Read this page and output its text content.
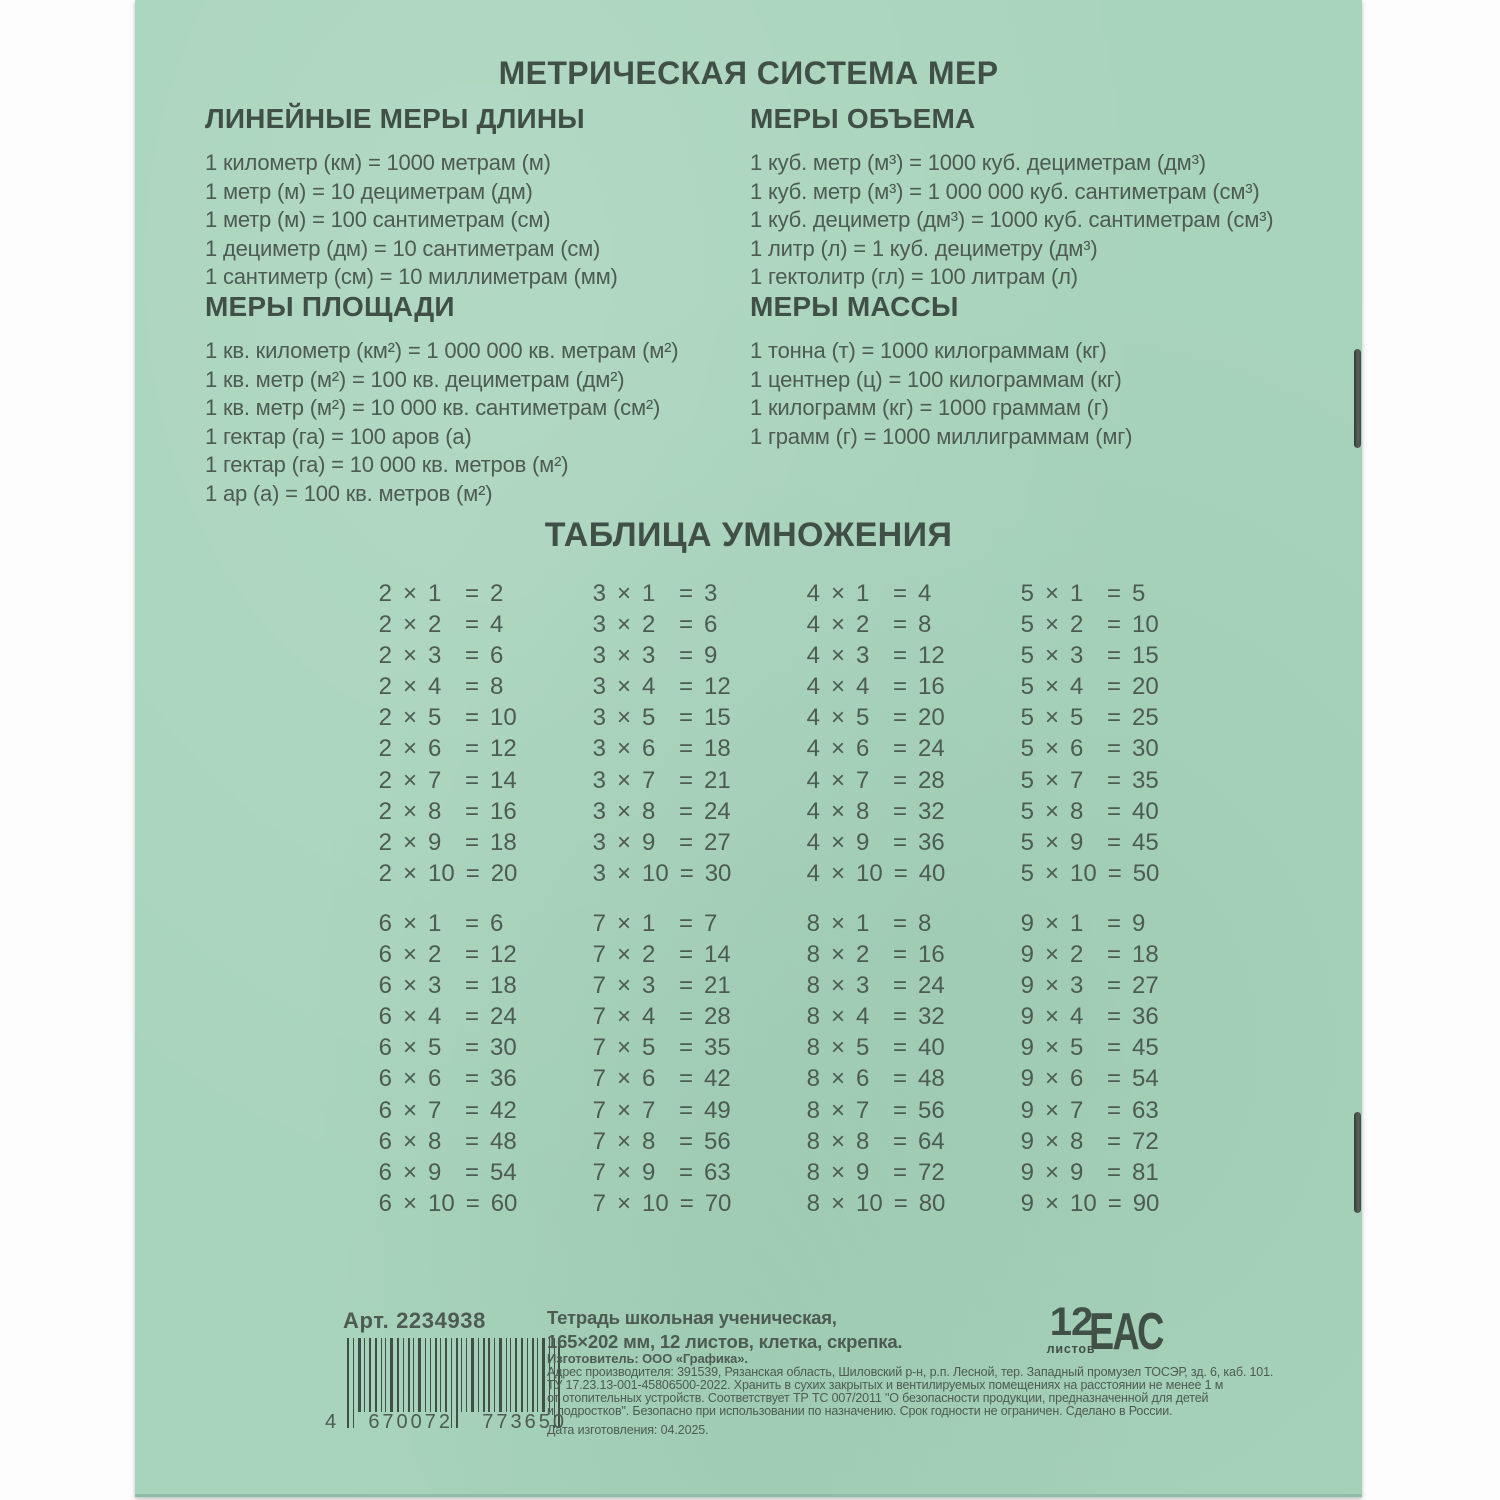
МЕТРИЧЕСКАЯ СИСТЕМА МЕР
ЛИНЕЙНЫЕ МЕРЫ ДЛИНЫ
1 километр (км) = 1000 метрам (м)
1 метр (м) = 10 дециметрам (дм)
1 метр (м) = 100 сантиметрам (см)
1 дециметр (дм) = 10 сантиметрам (см)
1 сантиметр (см) = 10 миллиметрам (мм)
МЕРЫ ОБЪЕМА
1 куб. метр (м³) = 1000 куб. дециметрам (дм³)
1 куб. метр (м³) = 1 000 000 куб. сантиметрам (см³)
1 куб. дециметр (дм³) = 1000 куб. сантиметрам (см³)
1 литр (л) = 1 куб. дециметру (дм³)
1 гектолитр (гл) = 100 литрам (л)
МЕРЫ ПЛОЩАДИ
1 кв. километр (км²) = 1 000 000 кв. метрам (м²)
1 кв. метр (м²) = 100 кв. дециметрам (дм²)
1 кв. метр (м²) = 10 000 кв. сантиметрам (см²)
1 гектар (га) = 100 аров (а)
1 гектар (га) = 10 000 кв. метров (м²)
1 ар (а) = 100 кв. метров (м²)
МЕРЫ МАССЫ
1 тонна (т) = 1000 килограммам (кг)
1 центнер (ц) = 100 килограммам (кг)
1 килограмм (кг) = 1000 граммам (г)
1 грамм (г) = 1000 миллиграммам (мг)
ТАБЛИЦА УМНОЖЕНИЯ
2 × 1 = 2
2 × 2 = 4
2 × 3 = 6
2 × 4 = 8
2 × 5 = 10
2 × 6 = 12
2 × 7 = 14
2 × 8 = 16
2 × 9 = 18
2 × 10 = 20
3 × 1 = 3
3 × 2 = 6
3 × 3 = 9
3 × 4 = 12
3 × 5 = 15
3 × 6 = 18
3 × 7 = 21
3 × 8 = 24
3 × 9 = 27
3 × 10 = 30
4 × 1 = 4
4 × 2 = 8
4 × 3 = 12
4 × 4 = 16
4 × 5 = 20
4 × 6 = 24
4 × 7 = 28
4 × 8 = 32
4 × 9 = 36
4 × 10 = 40
5 × 1 = 5
5 × 2 = 10
5 × 3 = 15
5 × 4 = 20
5 × 5 = 25
5 × 6 = 30
5 × 7 = 35
5 × 8 = 40
5 × 9 = 45
5 × 10 = 50
6 × 1 = 6
6 × 2 = 12
6 × 3 = 18
6 × 4 = 24
6 × 5 = 30
6 × 6 = 36
6 × 7 = 42
6 × 8 = 48
6 × 9 = 54
6 × 10 = 60
7 × 1 = 7
7 × 2 = 14
7 × 3 = 21
7 × 4 = 28
7 × 5 = 35
7 × 6 = 42
7 × 7 = 49
7 × 8 = 56
7 × 9 = 63
7 × 10 = 70
8 × 1 = 8
8 × 2 = 16
8 × 3 = 24
8 × 4 = 32
8 × 5 = 40
8 × 6 = 48
8 × 7 = 56
8 × 8 = 64
8 × 9 = 72
8 × 10 = 80
9 × 1 = 9
9 × 2 = 18
9 × 3 = 27
9 × 4 = 36
9 × 5 = 45
9 × 6 = 54
9 × 7 = 63
9 × 8 = 72
9 × 9 = 81
9 × 10 = 90
Арт. 2234938
4 670072 773650
Тетрадь школьная ученическая,
165×202 мм, 12 листов, клетка, скрепка.
Изготовитель: ООО «Графика».
Адрес производителя: 391539, Рязанская область, Шиловский р-н, р.п. Лесной, тер. Западный промузел ТОСЭР, зд. 6, каб. 101.
ТУ 17.23.13-001-45806500-2022. Хранить в сухих закрытых и вентилируемых помещениях на расстоянии не менее 1 м
от отопительных устройств. Соответствует ТР ТС 007/2011 "О безопасности продукции, предназначенной для детей
и подростков". Безопасно при использовании по назначению. Срок годности не ограничен. Сделано в России.
Дата изготовления: 04.2025.
12
листов
ЕАС
